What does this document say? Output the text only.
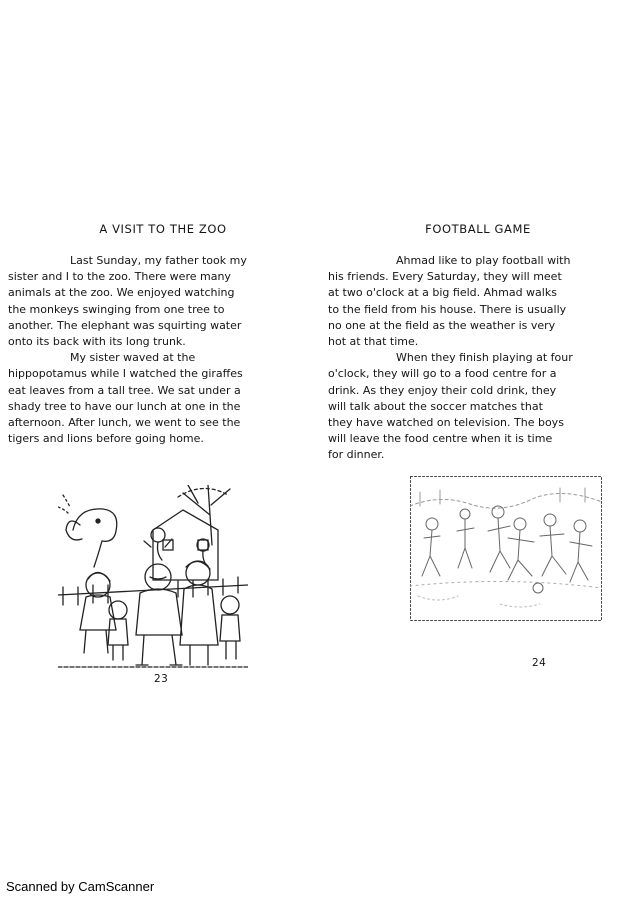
A VISIT TO THE ZOO
Last Sunday, my father took my
sister and I to the zoo. There were many
animals at the zoo. We enjoyed watching
the monkeys swinging from one tree to
another. The elephant was squirting water
onto its back with its long trunk.
My sister waved at the
hippopotamus while I watched the giraffes
eat leaves from a tall tree. We sat under a
shady tree to have our lunch at one in the
afternoon. After lunch, we went to see the
tigers and lions before going home.
23
FOOTBALL GAME
Ahmad like to play football with
his friends. Every Saturday, they will meet
at two o'clock at a big field. Ahmad walks
to the field from his house. There is usually
no one at the field as the weather is very
hot at that time.
When they finish playing at four
o'clock, they will go to a food centre for a
drink. As they enjoy their cold drink, they
will talk about the soccer matches that
they have watched on television. The boys
will leave the food centre when it is time
for dinner.
24
Scanned by CamScanner
